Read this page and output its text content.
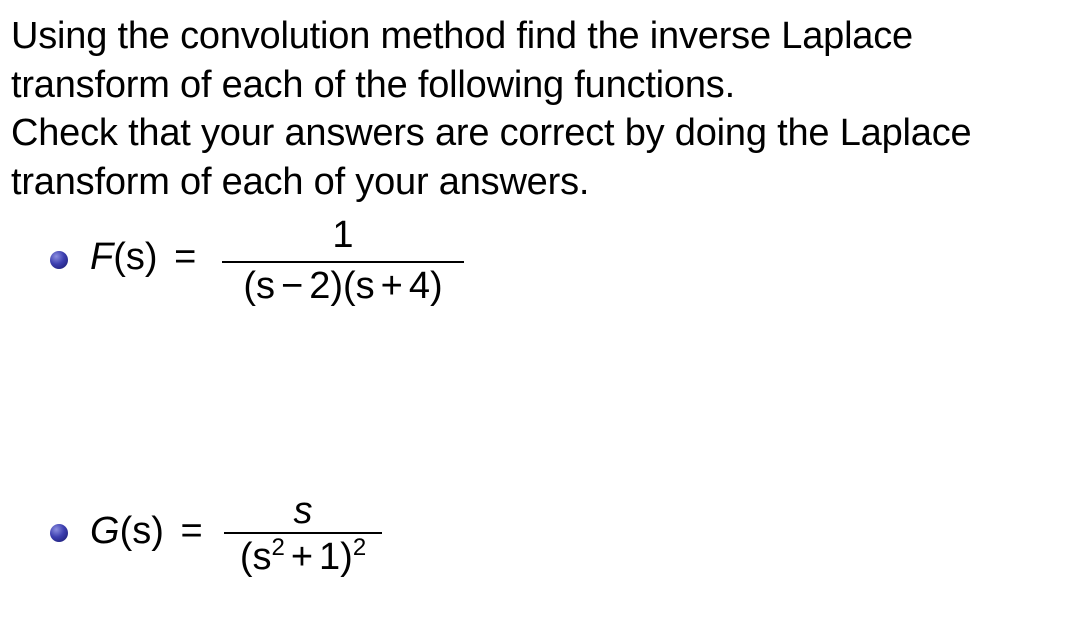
Using the convolution method find the inverse Laplace transform of each of the following functions.

Check that your answers are correct by doing the Laplace transform of each of your answers.

F(s) =
1
(s − 2)(s + 4)
G(s) =	s
$(s^2 + 1)^2$
